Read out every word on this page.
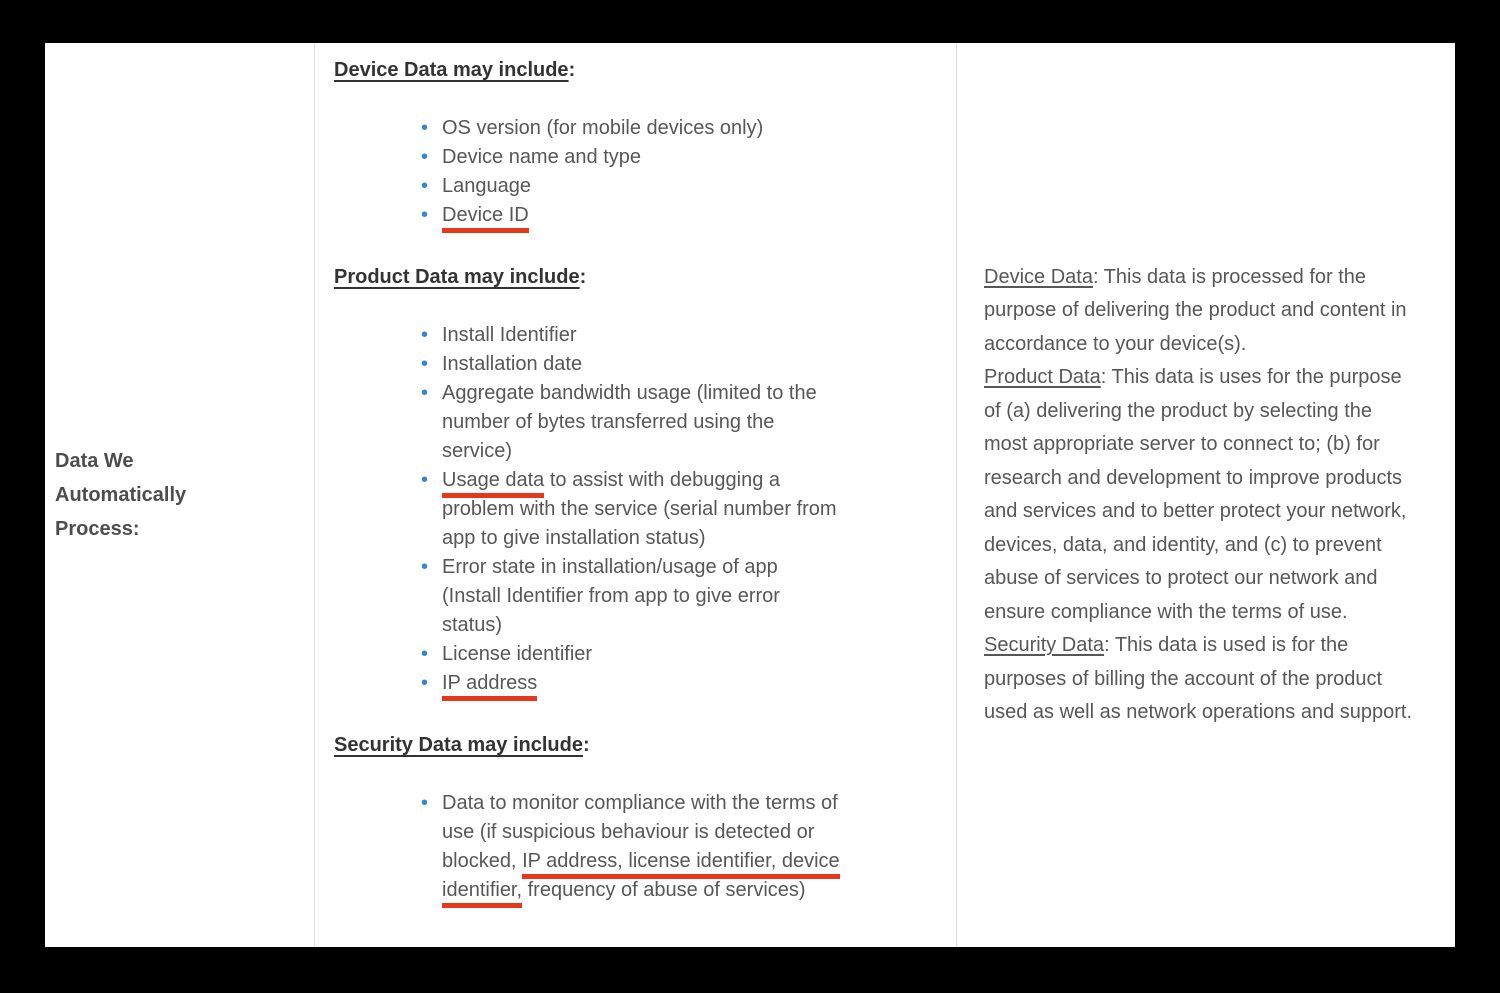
Data We Automatically Process:
Device Data may include:
• OS version (for mobile devices only)
• Device name and type
• Language
• Device ID
Product Data may include:
• Install Identifier
• Installation date
• Aggregate bandwidth usage (limited to the number of bytes transferred using the service)
• Usage data to assist with debugging a problem with the service (serial number from app to give installation status)
• Error state in installation/usage of app (Install Identifier from app to give error status)
• License identifier
• IP address
Security Data may include:
• Data to monitor compliance with the terms of use (if suspicious behaviour is detected or blocked, IP address, license identifier, device identifier, frequency of abuse of services)
Device Data: This data is processed for the purpose of delivering the product and content in accordance to your device(s).
Product Data: This data is uses for the purpose of (a) delivering the product by selecting the most appropriate server to connect to; (b) for research and development to improve products and services and to better protect your network, devices, data, and identity, and (c) to prevent abuse of services to protect our network and ensure compliance with the terms of use.
Security Data: This data is used is for the purposes of billing the account of the product used as well as network operations and support.
